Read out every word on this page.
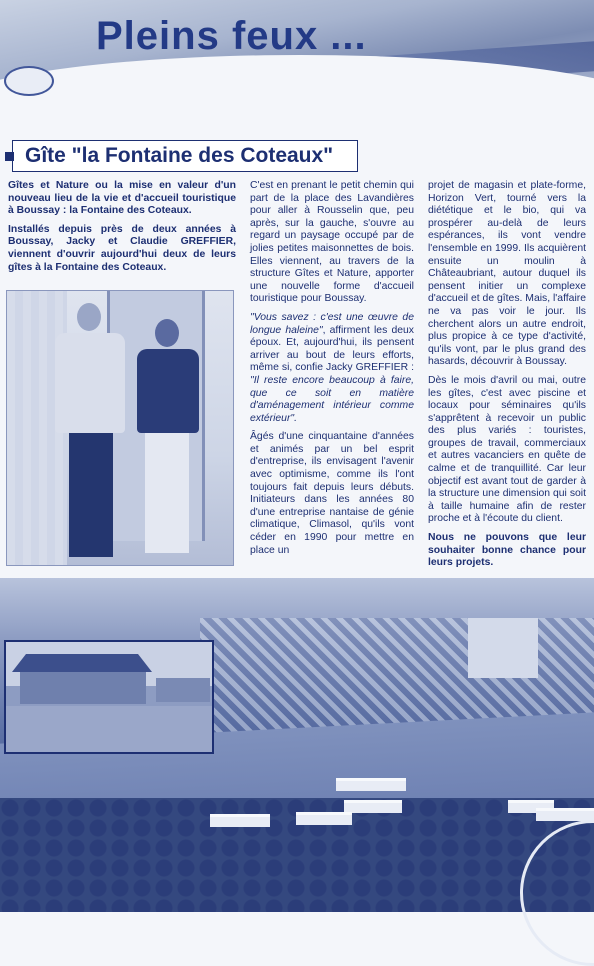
Pleins feux ...
Gîte "la Fontaine des Coteaux"

Gîtes et Nature ou la mise en valeur d'un nouveau lieu de la vie et d'accueil touristique à Boussay : la Fontaine des Coteaux.

Installés depuis près de deux années à Boussay, Jacky et Claudie GREFFIER, viennent d'ouvrir aujourd'hui deux de leurs gîtes à la Fontaine des Coteaux.

C'est en prenant le petit chemin qui part de la place des Lavandières pour aller à Rousselin que, peu après, sur la gauche, s'ouvre au regard un paysage occupé par de jolies petites maisonnettes de bois. Elles viennent, au travers de la structure Gîtes et Nature, apporter une nouvelle forme d'accueil touristique pour Boussay.

"Vous savez : c'est une œuvre de longue haleine", affirment les deux époux. Et, aujourd'hui, ils pensent arriver au bout de leurs efforts, même si, confie Jacky GREFFIER : "Il reste encore beaucoup à faire, que ce soit en matière d'aménagement intérieur comme extérieur".

Âgés d'une cinquantaine d'années et animés par un bel esprit d'entreprise, ils envisagent l'avenir avec optimisme, comme ils l'ont toujours fait depuis leurs débuts. Initiateurs dans les années 80 d'une entreprise nantaise de génie climatique, Climasol, qu'ils vont céder en 1990 pour mettre en place un

projet de magasin et plate-forme, Horizon Vert, tourné vers la diététique et le bio, qui va prospérer au-delà de leurs espérances, ils vont vendre l'ensemble en 1999. Ils acquièrent ensuite un moulin à Châteaubriant, autour duquel ils pensent initier un complexe d'accueil et de gîtes. Mais, l'affaire ne va pas voir le jour. Ils cherchent alors un autre endroit, plus propice à ce type d'activité, qu'ils vont, par le plus grand des hasards, découvrir à Boussay.

Dès le mois d'avril ou mai, outre les gîtes, c'est avec piscine et locaux pour séminaires qu'ils s'apprêtent à recevoir un public des plus variés : touristes, groupes de travail, commerciaux et autres vacanciers en quête de calme et de tranquillité. Car leur objectif est avant tout de garder à la structure une dimension qui soit à taille humaine afin de rester proche et à l'écoute du client.

Nous ne pouvons que leur souhaiter bonne chance pour leurs projets.
